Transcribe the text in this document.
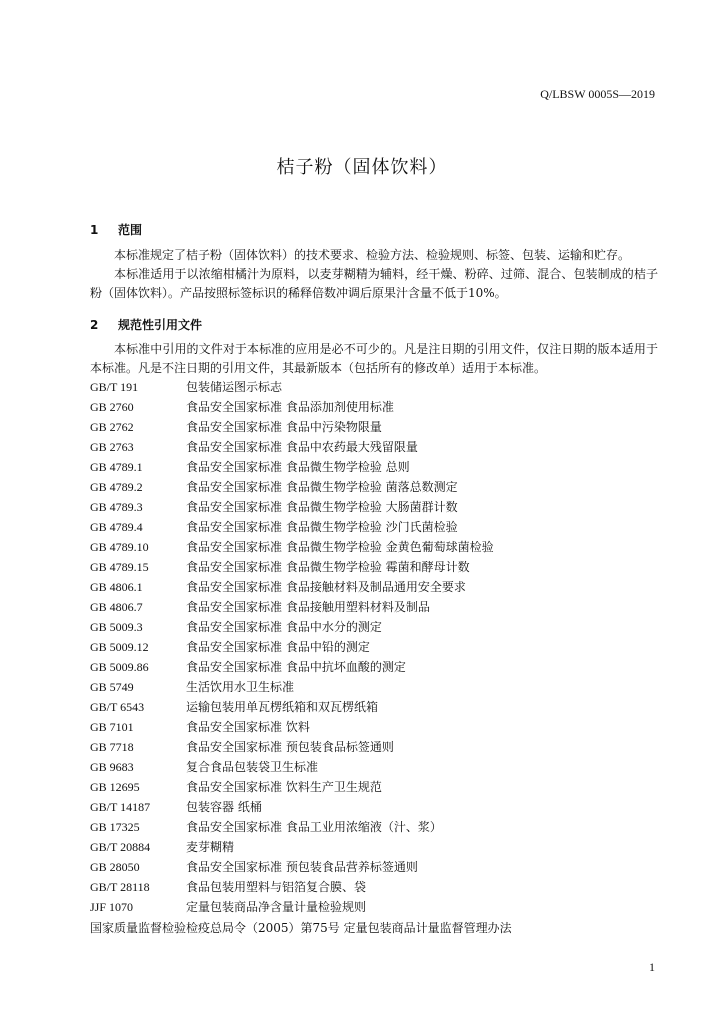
Q/LBSW 0005S—2019
桔子粉（固体饮料）
1 范围
本标准规定了桔子粉（固体饮料）的技术要求、检验方法、检验规则、标签、包装、运输和贮存。
本标准适用于以浓缩柑橘汁为原料，以麦芽糊精为辅料，经干燥、粉碎、过筛、混合、包装制成的桔子粉（固体饮料）。产品按照标签标识的稀释倍数冲调后原果汁含量不低于10%。
2 规范性引用文件
本标准中引用的文件对于本标准的应用是必不可少的。凡是注日期的引用文件，仅注日期的版本适用于本标准。凡是不注日期的引用文件，其最新版本（包括所有的修改单）适用于本标准。
GB/T 191	包装储运图示标志
GB 2760	食品安全国家标准 食品添加剂使用标准
GB 2762	食品安全国家标准 食品中污染物限量
GB 2763	食品安全国家标准 食品中农药最大残留限量
GB 4789.1	食品安全国家标准 食品微生物学检验 总则
GB 4789.2	食品安全国家标准 食品微生物学检验 菌落总数测定
GB 4789.3	食品安全国家标准 食品微生物学检验 大肠菌群计数
GB 4789.4	食品安全国家标准 食品微生物学检验 沙门氏菌检验
GB 4789.10	食品安全国家标准 食品微生物学检验 金黄色葡萄球菌检验
GB 4789.15	食品安全国家标准 食品微生物学检验 霉菌和酵母计数
GB 4806.1	食品安全国家标准 食品接触材料及制品通用安全要求
GB 4806.7	食品安全国家标准 食品接触用塑料材料及制品
GB 5009.3	食品安全国家标准 食品中水分的测定
GB 5009.12	食品安全国家标准 食品中铅的测定
GB 5009.86	食品安全国家标准 食品中抗坏血酸的测定
GB 5749	生活饮用水卫生标准
GB/T 6543	运输包装用单瓦楞纸箱和双瓦楞纸箱
GB 7101	食品安全国家标准 饮料
GB 7718	食品安全国家标准 预包装食品标签通则
GB 9683	复合食品包装袋卫生标准
GB 12695	食品安全国家标准 饮料生产卫生规范
GB/T 14187	包装容器 纸桶
GB 17325	食品安全国家标准 食品工业用浓缩液（汁、浆）
GB/T 20884	麦芽糊精
GB 28050	食品安全国家标准 预包装食品营养标签通则
GB/T 28118	食品包装用塑料与铝箔复合膜、袋
JJF 1070	定量包装商品净含量计量检验规则
国家质量监督检验检疫总局令（2005）第75号 定量包装商品计量监督管理办法
1
